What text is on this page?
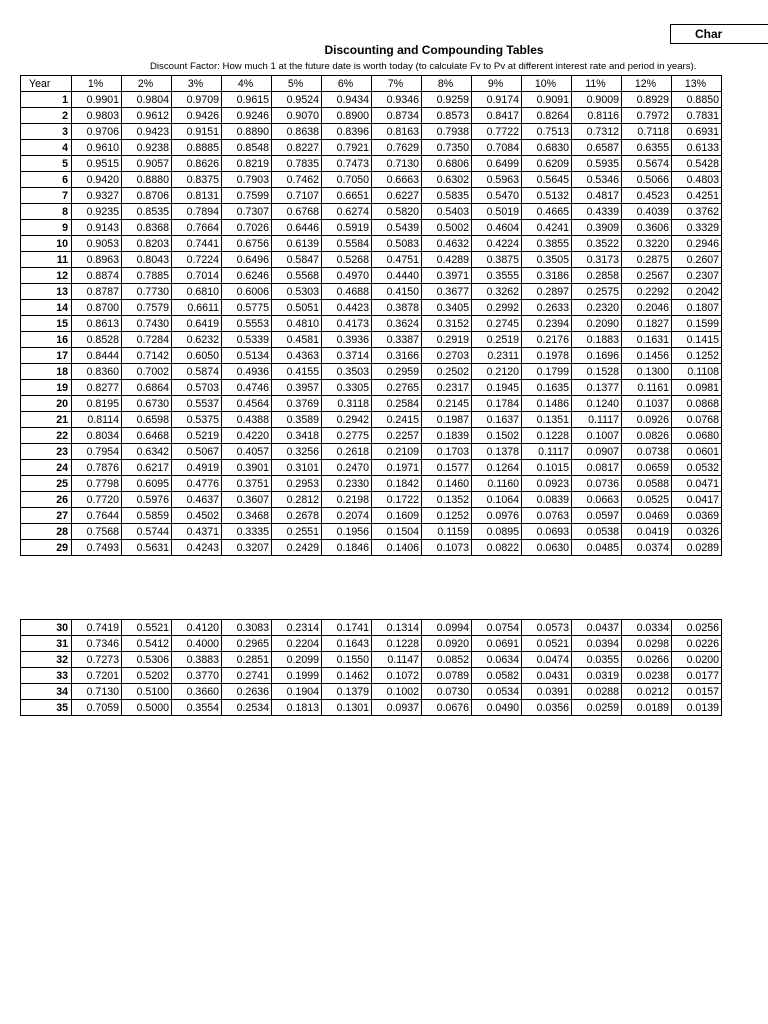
Char
Discounting and Compounding Tables
Discount Factor: How much 1 at the future date is worth today (to calculate Fv to Pv at different interest rate and period in years).
Year	1%	2%	3%	4%	5%	6%	7%	8%	9%	10%	11%	12%	13%
1	0.9901	0.9804	0.9709	0.9615	0.9524	0.9434	0.9346	0.9259	0.9174	0.9091	0.9009	0.8929	0.8850
2	0.9803	0.9612	0.9426	0.9246	0.9070	0.8900	0.8734	0.8573	0.8417	0.8264	0.8116	0.7972	0.7831
3	0.9706	0.9423	0.9151	0.8890	0.8638	0.8396	0.8163	0.7938	0.7722	0.7513	0.7312	0.7118	0.6931
4	0.9610	0.9238	0.8885	0.8548	0.8227	0.7921	0.7629	0.7350	0.7084	0.6830	0.6587	0.6355	0.6133
5	0.9515	0.9057	0.8626	0.8219	0.7835	0.7473	0.7130	0.6806	0.6499	0.6209	0.5935	0.5674	0.5428
6	0.9420	0.8880	0.8375	0.7903	0.7462	0.7050	0.6663	0.6302	0.5963	0.5645	0.5346	0.5066	0.4803
7	0.9327	0.8706	0.8131	0.7599	0.7107	0.6651	0.6227	0.5835	0.5470	0.5132	0.4817	0.4523	0.4251
8	0.9235	0.8535	0.7894	0.7307	0.6768	0.6274	0.5820	0.5403	0.5019	0.4665	0.4339	0.4039	0.3762
9	0.9143	0.8368	0.7664	0.7026	0.6446	0.5919	0.5439	0.5002	0.4604	0.4241	0.3909	0.3606	0.3329
10	0.9053	0.8203	0.7441	0.6756	0.6139	0.5584	0.5083	0.4632	0.4224	0.3855	0.3522	0.3220	0.2946
11	0.8963	0.8043	0.7224	0.6496	0.5847	0.5268	0.4751	0.4289	0.3875	0.3505	0.3173	0.2875	0.2607
12	0.8874	0.7885	0.7014	0.6246	0.5568	0.4970	0.4440	0.3971	0.3555	0.3186	0.2858	0.2567	0.2307
13	0.8787	0.7730	0.6810	0.6006	0.5303	0.4688	0.4150	0.3677	0.3262	0.2897	0.2575	0.2292	0.2042
14	0.8700	0.7579	0.6611	0.5775	0.5051	0.4423	0.3878	0.3405	0.2992	0.2633	0.2320	0.2046	0.1807
15	0.8613	0.7430	0.6419	0.5553	0.4810	0.4173	0.3624	0.3152	0.2745	0.2394	0.2090	0.1827	0.1599
16	0.8528	0.7284	0.6232	0.5339	0.4581	0.3936	0.3387	0.2919	0.2519	0.2176	0.1883	0.1631	0.1415
17	0.8444	0.7142	0.6050	0.5134	0.4363	0.3714	0.3166	0.2703	0.2311	0.1978	0.1696	0.1456	0.1252
18	0.8360	0.7002	0.5874	0.4936	0.4155	0.3503	0.2959	0.2502	0.2120	0.1799	0.1528	0.1300	0.1108
19	0.8277	0.6864	0.5703	0.4746	0.3957	0.3305	0.2765	0.2317	0.1945	0.1635	0.1377	0.1161	0.0981
20	0.8195	0.6730	0.5537	0.4564	0.3769	0.3118	0.2584	0.2145	0.1784	0.1486	0.1240	0.1037	0.0868
21	0.8114	0.6598	0.5375	0.4388	0.3589	0.2942	0.2415	0.1987	0.1637	0.1351	0.1117	0.0926	0.0768
22	0.8034	0.6468	0.5219	0.4220	0.3418	0.2775	0.2257	0.1839	0.1502	0.1228	0.1007	0.0826	0.0680
23	0.7954	0.6342	0.5067	0.4057	0.3256	0.2618	0.2109	0.1703	0.1378	0.1117	0.0907	0.0738	0.0601
24	0.7876	0.6217	0.4919	0.3901	0.3101	0.2470	0.1971	0.1577	0.1264	0.1015	0.0817	0.0659	0.0532
25	0.7798	0.6095	0.4776	0.3751	0.2953	0.2330	0.1842	0.1460	0.1160	0.0923	0.0736	0.0588	0.0471
26	0.7720	0.5976	0.4637	0.3607	0.2812	0.2198	0.1722	0.1352	0.1064	0.0839	0.0663	0.0525	0.0417
27	0.7644	0.5859	0.4502	0.3468	0.2678	0.2074	0.1609	0.1252	0.0976	0.0763	0.0597	0.0469	0.0369
28	0.7568	0.5744	0.4371	0.3335	0.2551	0.1956	0.1504	0.1159	0.0895	0.0693	0.0538	0.0419	0.0326
29	0.7493	0.5631	0.4243	0.3207	0.2429	0.1846	0.1406	0.1073	0.0822	0.0630	0.0485	0.0374	0.0289
30	0.7419	0.5521	0.4120	0.3083	0.2314	0.1741	0.1314	0.0994	0.0754	0.0573	0.0437	0.0334	0.0256
31	0.7346	0.5412	0.4000	0.2965	0.2204	0.1643	0.1228	0.0920	0.0691	0.0521	0.0394	0.0298	0.0226
32	0.7273	0.5306	0.3883	0.2851	0.2099	0.1550	0.1147	0.0852	0.0634	0.0474	0.0355	0.0266	0.0200
33	0.7201	0.5202	0.3770	0.2741	0.1999	0.1462	0.1072	0.0789	0.0582	0.0431	0.0319	0.0238	0.0177
34	0.7130	0.5100	0.3660	0.2636	0.1904	0.1379	0.1002	0.0730	0.0534	0.0391	0.0288	0.0212	0.0157
35	0.7059	0.5000	0.3554	0.2534	0.1813	0.1301	0.0937	0.0676	0.0490	0.0356	0.0259	0.0189	0.0139
